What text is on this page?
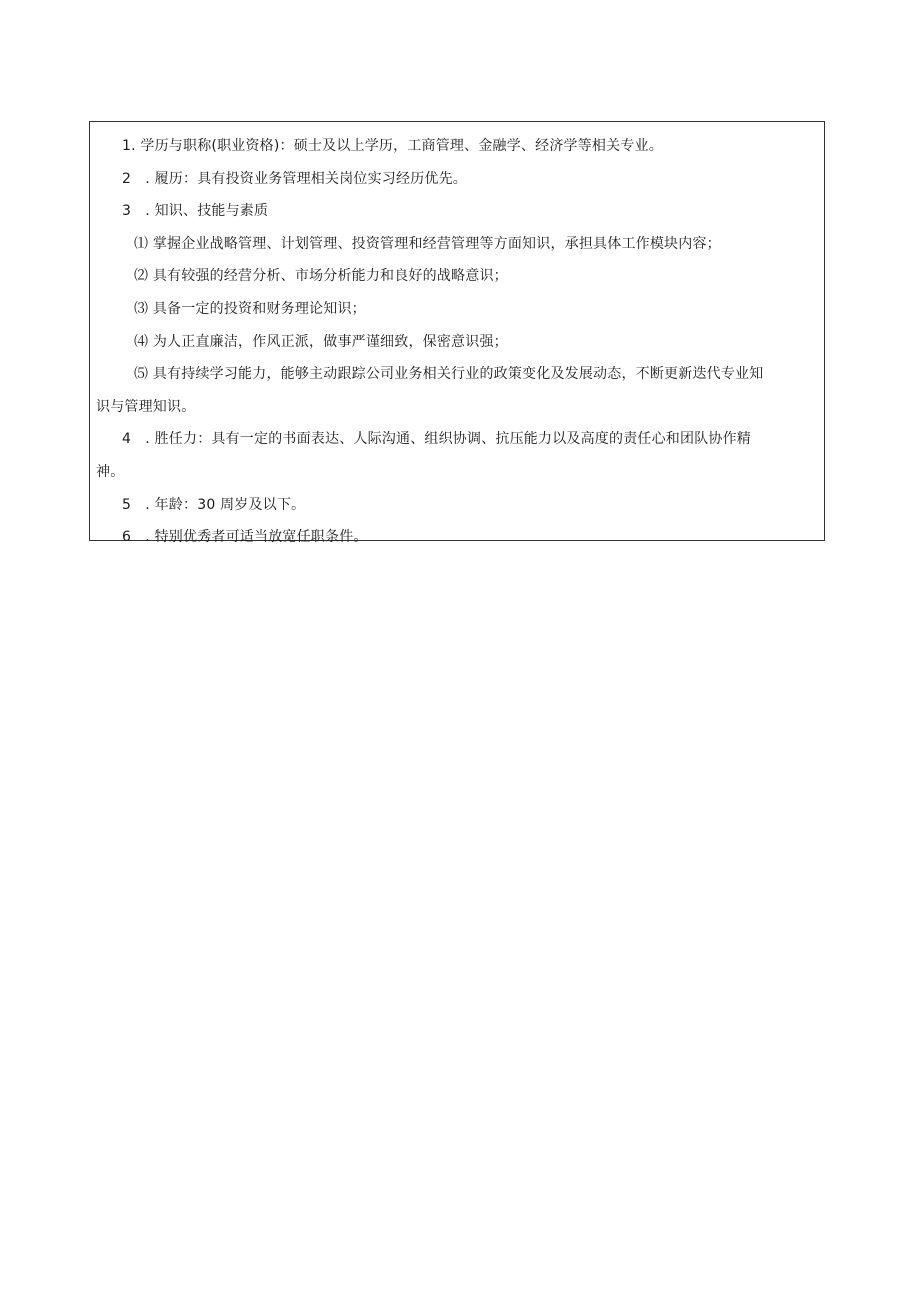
1. 学历与职称(职业资格)：硕士及以上学历，工商管理、金融学、经济学等相关专业。
2　. 履历：具有投资业务管理相关岗位实习经历优先。
3　. 知识、技能与素质
⑴ 掌握企业战略管理、计划管理、投资管理和经营管理等方面知识，承担具体工作模块内容；
⑵ 具有较强的经营分析、市场分析能力和良好的战略意识；
⑶ 具备一定的投资和财务理论知识；
⑷ 为人正直廉洁，作风正派，做事严谨细致，保密意识强；
⑸ 具有持续学习能力，能够主动跟踪公司业务相关行业的政策变化及发展动态，不断更新迭代专业知
识与管理知识。
4　. 胜任力：具有一定的书面表达、人际沟通、组织协调、抗压能力以及高度的责任心和团队协作精
神。
5　. 年龄：30 周岁及以下。
6　. 特别优秀者可适当放宽任职条件。
